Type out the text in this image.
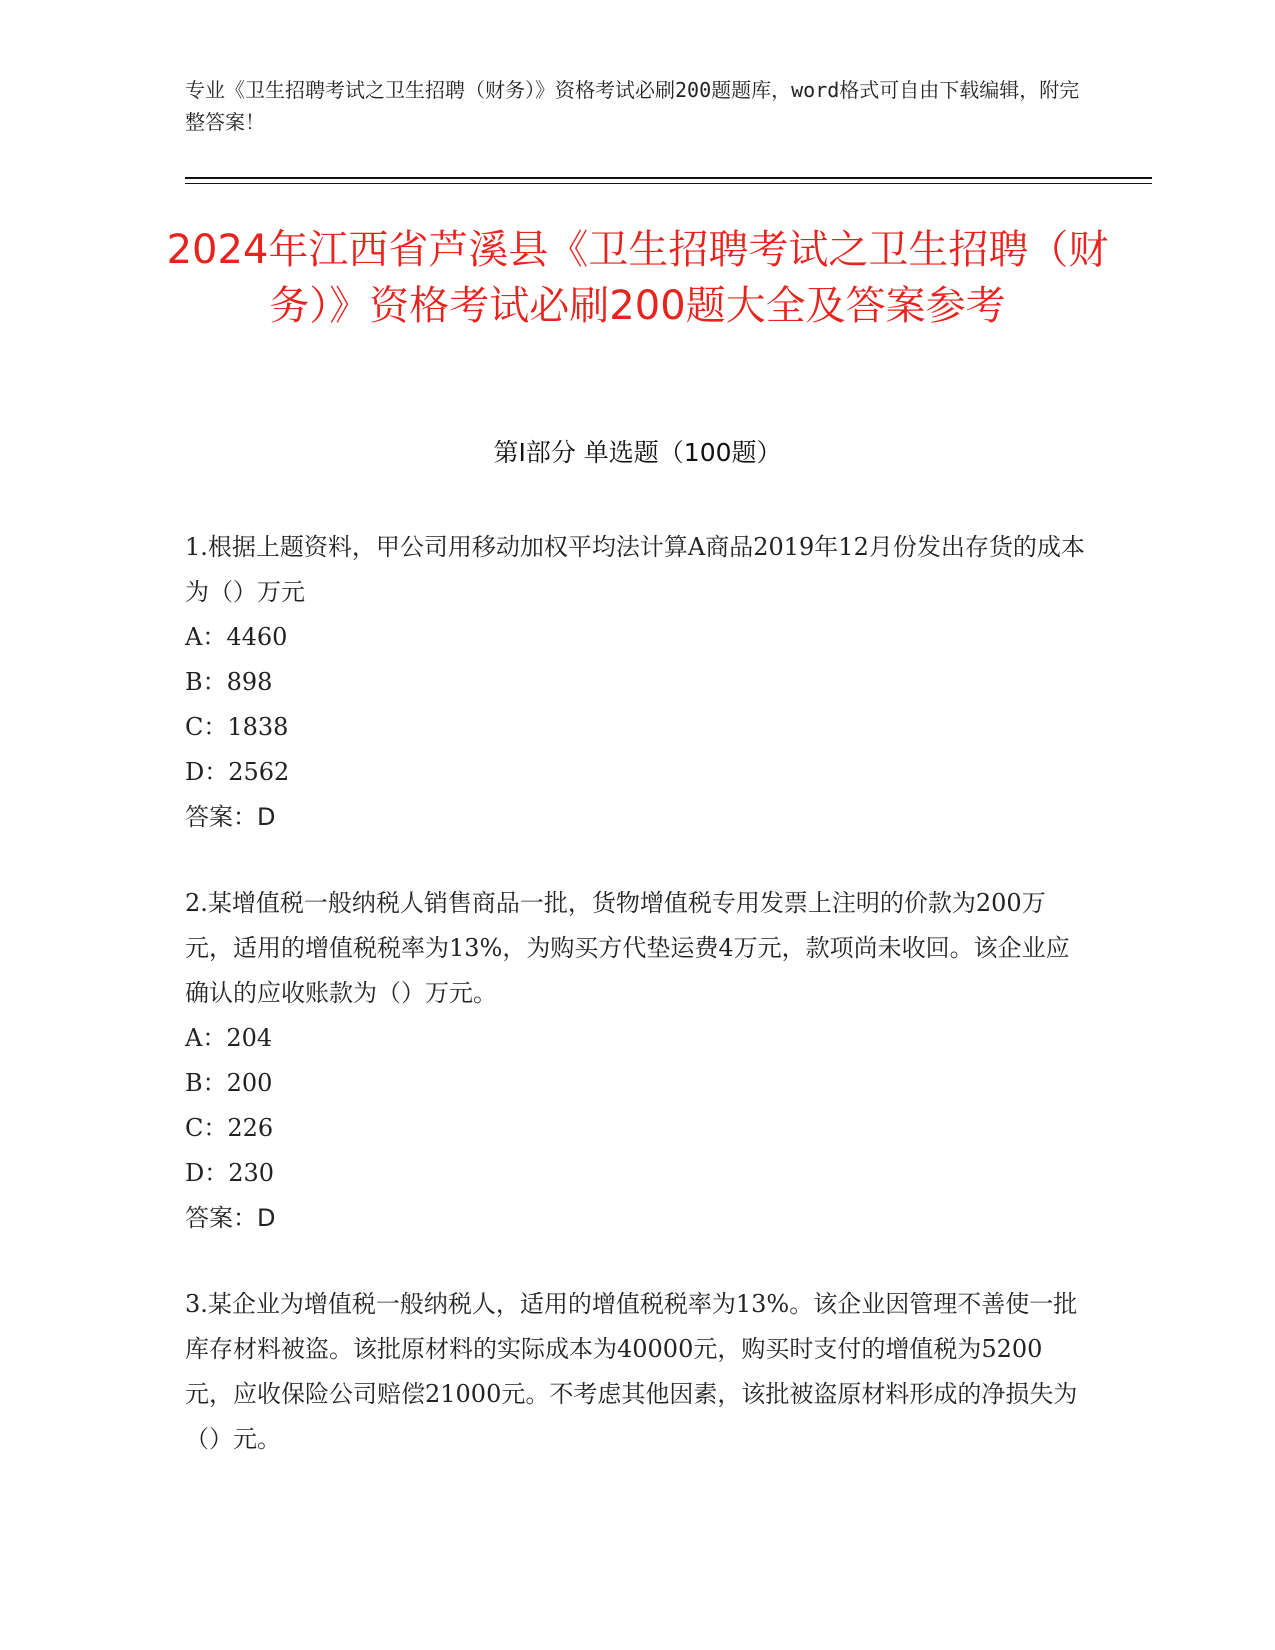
专业《卫生招聘考试之卫生招聘（财务）》资格考试必刷200题题库，word格式可自由下载编辑，附完整答案！
2024年江西省芦溪县《卫生招聘考试之卫生招聘（财务）》资格考试必刷200题大全及答案参考
第I部分 单选题（100题）
1.根据上题资料，甲公司用移动加权平均法计算A商品2019年12月份发出存货的成本为（）万元
A：4460
B：898
C：1838
D：2562
答案：D
2.某增值税一般纳税人销售商品一批，货物增值税专用发票上注明的价款为200万元，适用的增值税税率为13%，为购买方代垫运费4万元，款项尚未收回。该企业应确认的应收账款为（）万元。
A：204
B：200
C：226
D：230
答案：D
3.某企业为增值税一般纳税人，适用的增值税税率为13%。该企业因管理不善使一批库存材料被盗。该批原材料的实际成本为40000元，购买时支付的增值税为5200元，应收保险公司赔偿21000元。不考虑其他因素，该批被盗原材料形成的净损失为（）元。
